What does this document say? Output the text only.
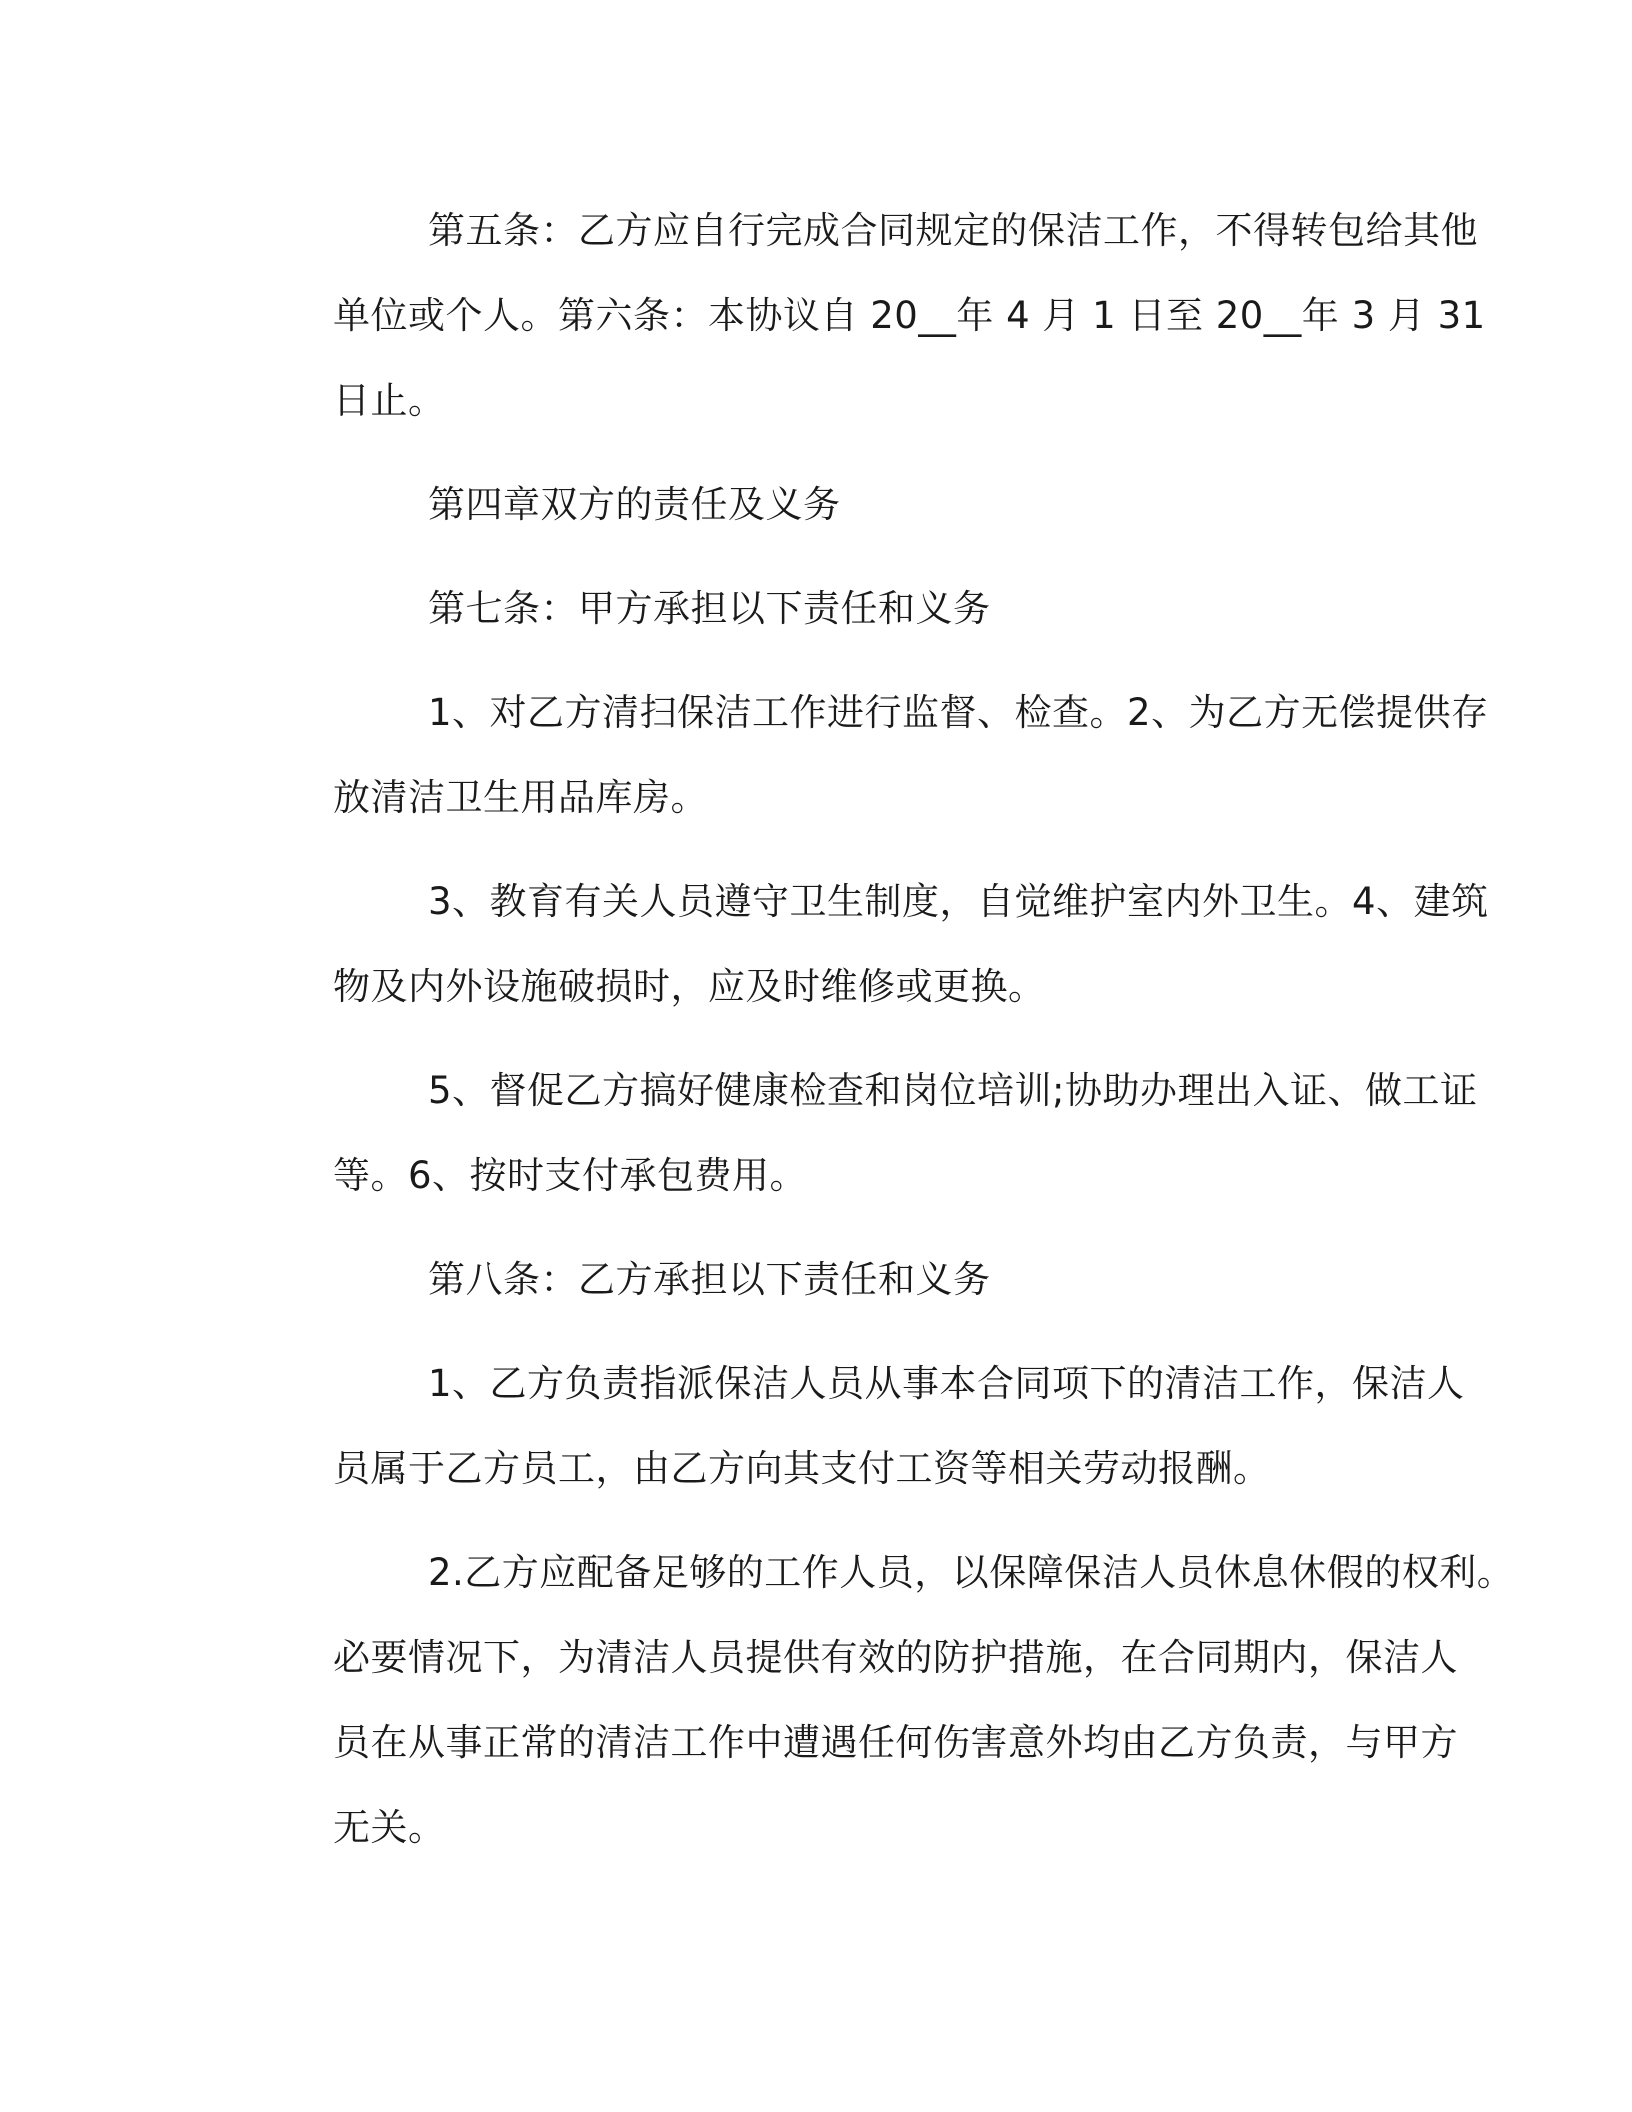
第五条：乙方应自行完成合同规定的保洁工作，不得转包给其他
单位或个人。第六条：本协议自 20__年 4 月 1 日至 20__年 3 月 31
日止。
第四章双方的责任及义务
第七条：甲方承担以下责任和义务
1、对乙方清扫保洁工作进行监督、检查。2、为乙方无偿提供存
放清洁卫生用品库房。
3、教育有关人员遵守卫生制度，自觉维护室内外卫生。4、建筑
物及内外设施破损时，应及时维修或更换。
5、督促乙方搞好健康检查和岗位培训;协助办理出入证、做工证
等。6、按时支付承包费用。
第八条：乙方承担以下责任和义务
1、乙方负责指派保洁人员从事本合同项下的清洁工作，保洁人
员属于乙方员工，由乙方向其支付工资等相关劳动报酬。
2.乙方应配备足够的工作人员，以保障保洁人员休息休假的权利。
必要情况下，为清洁人员提供有效的防护措施，在合同期内，保洁人
员在从事正常的清洁工作中遭遇任何伤害意外均由乙方负责，与甲方
无关。
